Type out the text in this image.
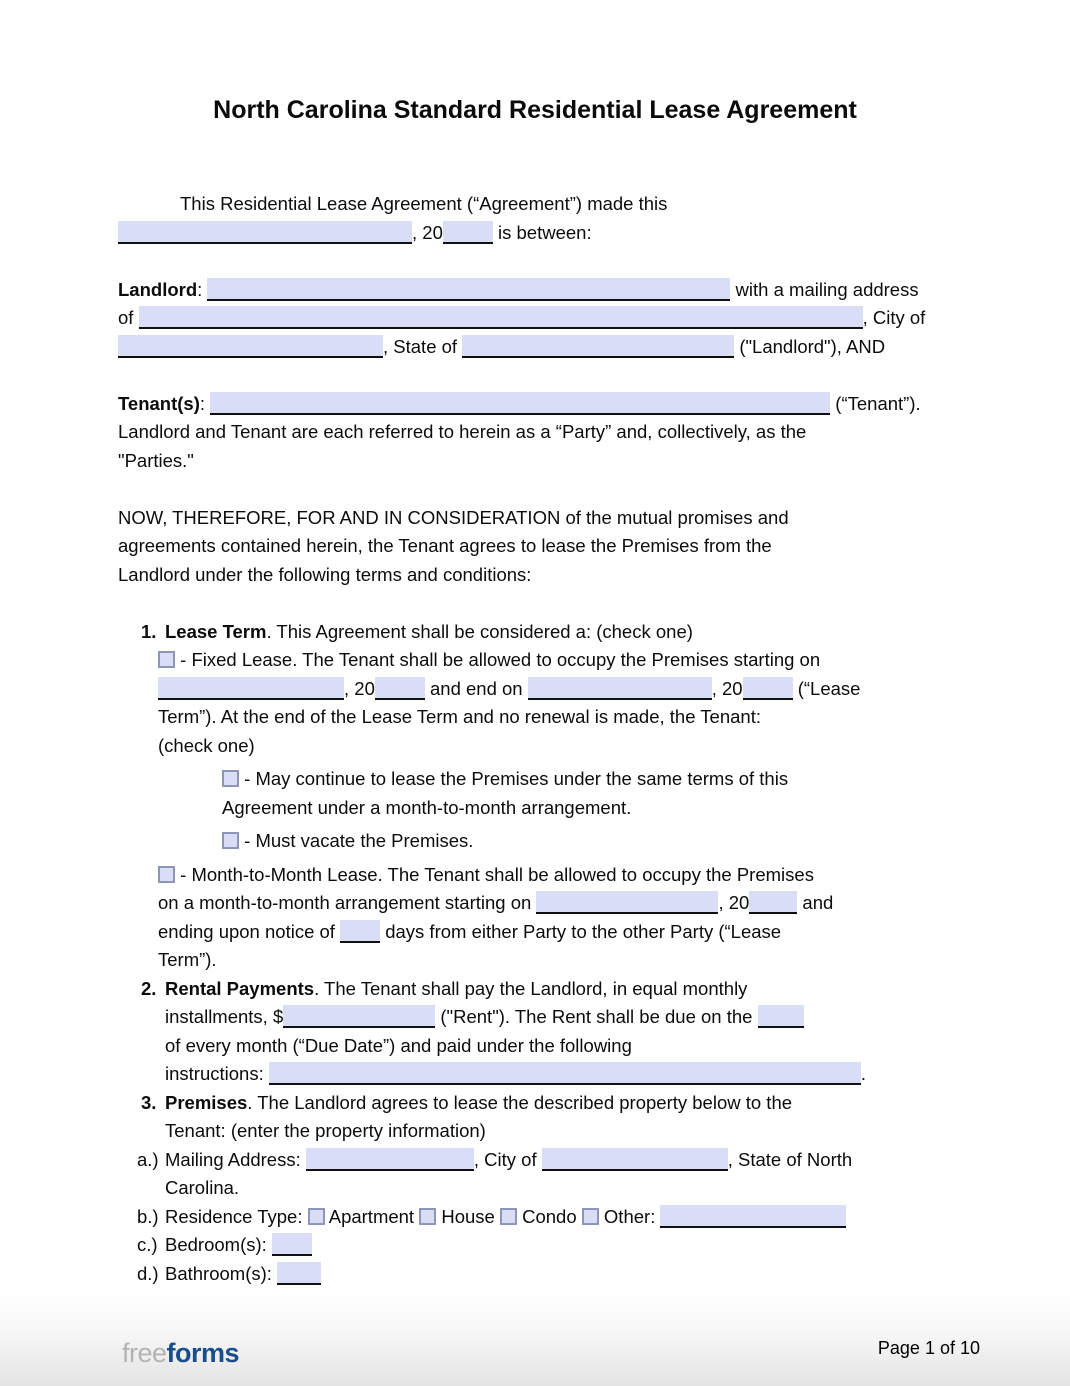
North Carolina Standard Residential Lease Agreement
This Residential Lease Agreement (“Agreement”) made this
, 20	is between:
Landlord:	with a mailing address
of	, City of
, State of	("Landlord"), AND
Tenant(s):	(“Tenant”).
Landlord and Tenant are each referred to herein as a “Party” and, collectively, as the
"Parties."
NOW, THEREFORE, FOR AND IN CONSIDERATION of the mutual promises and
agreements contained herein, the Tenant agrees to lease the Premises from the
Landlord under the following terms and conditions:
1. Lease Term. This Agreement shall be considered a: (check one)
- Fixed Lease. The Tenant shall be allowed to occupy the Premises starting on
, 20	and end on	, 20	(“Lease
Term”). At the end of the Lease Term and no renewal is made, the Tenant:
(check one)
- May continue to lease the Premises under the same terms of this
Agreement under a month-to-month arrangement.
- Must vacate the Premises.
- Month-to-Month Lease. The Tenant shall be allowed to occupy the Premises
on a month-to-month arrangement starting on	, 20	and
ending upon notice of  days from either Party to the other Party (“Lease
Term”).
2. Rental Payments. The Tenant shall pay the Landlord, in equal monthly
installments, $	("Rent"). The Rent shall be due on the
of every month (“Due Date”) and paid under the following
instructions:	.
3. Premises. The Landlord agrees to lease the described property below to the
Tenant: (enter the property information)
a.) Mailing Address:	, City of	, State of North
Carolina.
b.) Residence Type:  Apartment  House  Condo  Other:
c.) Bedroom(s):
d.) Bathroom(s):
freeforms	Page 1 of 10
